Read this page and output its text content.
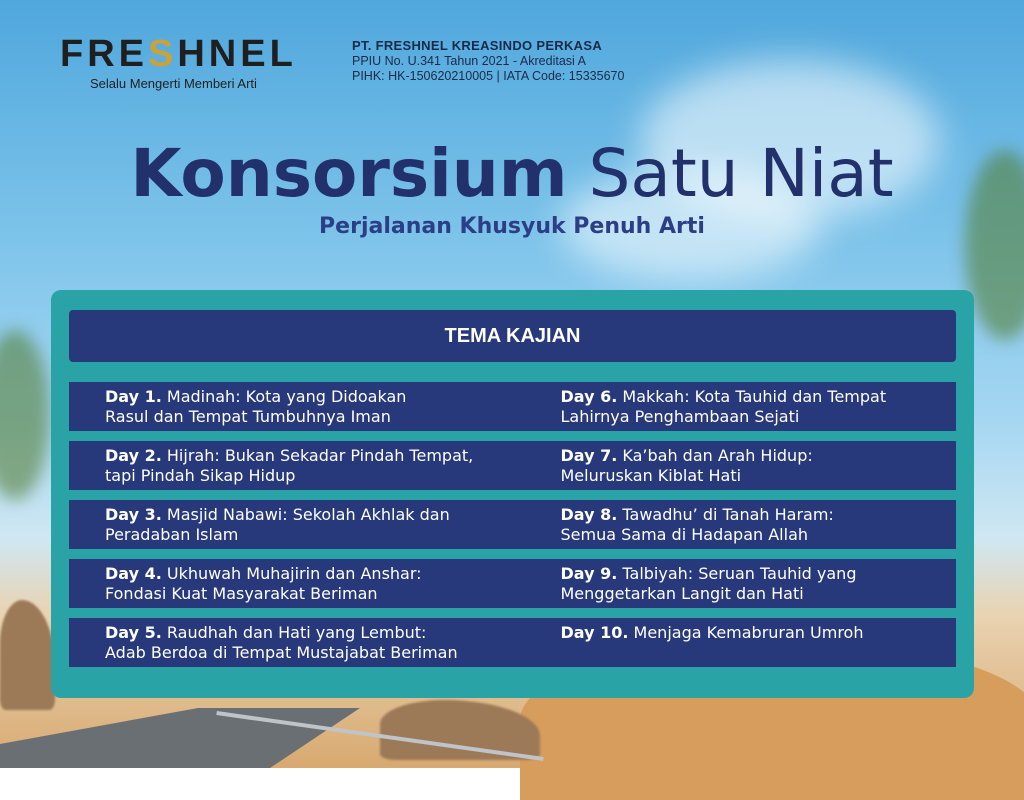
FRESHNEL
Selalu Mengerti Memberi Arti
PT. FRESHNEL KREASINDO PERKASA
PPIU No. U.341 Tahun 2021 - Akreditasi A
PIHK: HK-150620210005 | IATA Code: 15335670
Konsorsium Satu Niat
Perjalanan Khusyuk Penuh Arti
TEMA KAJIAN
Day 1. Madinah: Kota yang Didoakan
Rasul dan Tempat Tumbuhnya Iman
Day 6. Makkah: Kota Tauhid dan Tempat
Lahirnya Penghambaan Sejati
Day 2. Hijrah: Bukan Sekadar Pindah Tempat,
tapi Pindah Sikap Hidup
Day 7. Ka’bah dan Arah Hidup:
Meluruskan Kiblat Hati
Day 3. Masjid Nabawi: Sekolah Akhlak dan
Peradaban Islam
Day 8. Tawadhu’ di Tanah Haram:
Semua Sama di Hadapan Allah
Day 4. Ukhuwah Muhajirin dan Anshar:
Fondasi Kuat Masyarakat Beriman
Day 9. Talbiyah: Seruan Tauhid yang
Menggetarkan Langit dan Hati
Day 5. Raudhah dan Hati yang Lembut:
Adab Berdoa di Tempat Mustajabat Beriman
Day 10. Menjaga Kemabruran Umroh
